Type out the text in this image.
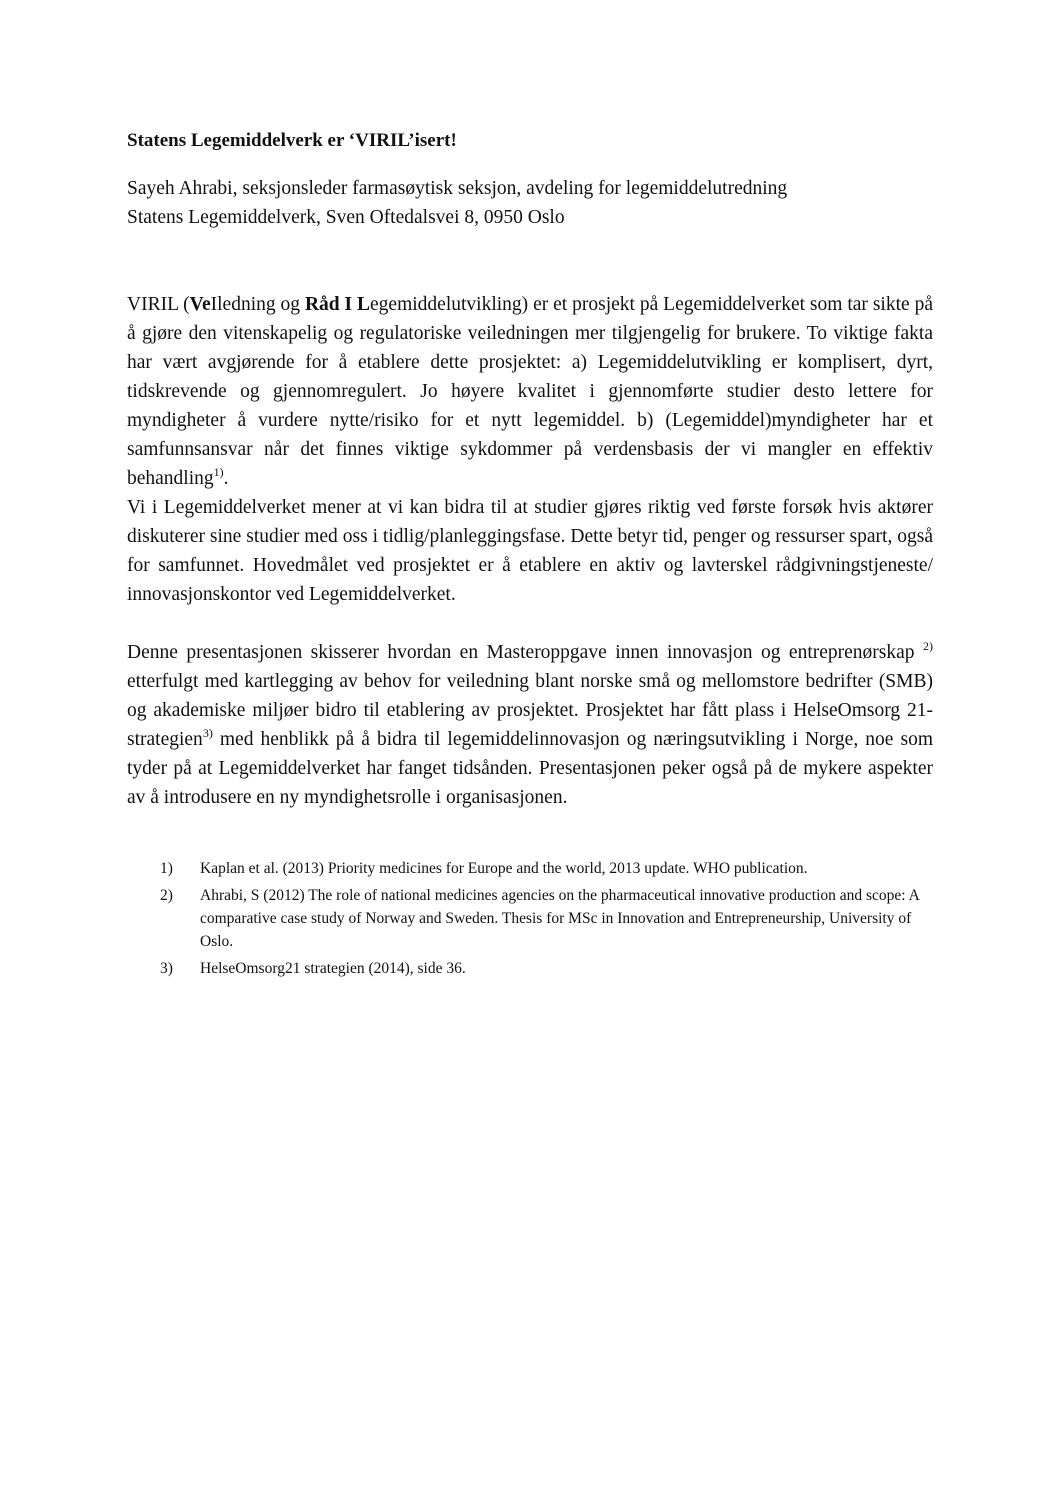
Statens Legemiddelverk er ‘VIRIL’isert!
Sayeh Ahrabi, seksjonsleder farmasøytisk seksjon, avdeling for legemiddelutredning
Statens Legemiddelverk, Sven Oftedalsvei 8, 0950 Oslo

VIRIL (VeIledning og Råd I Legemiddelutvikling) er et prosjekt på Legemiddelverket som tar sikte på å gjøre den vitenskapelig og regulatoriske veiledningen mer tilgjengelig for brukere. To viktige fakta har vært avgjørende for å etablere dette prosjektet: a) Legemiddelutvikling er komplisert, dyrt, tidskrevende og gjennomregulert. Jo høyere kvalitet i gjennomførte studier desto lettere for myndigheter å vurdere nytte/risiko for et nytt legemiddel. b) (Legemiddel)myndigheter har et samfunnsansvar når det finnes viktige sykdommer på verdensbasis der vi mangler en effektiv behandling$^{1)}$.

Vi i Legemiddelverket mener at vi kan bidra til at studier gjøres riktig ved første forsøk hvis aktører diskuterer sine studier med oss i tidlig/planleggingsfase. Dette betyr tid, penger og ressurser spart, også for samfunnet. Hovedmålet ved prosjektet er å etablere en aktiv og lavterskel rådgivningstjeneste/ innovasjonskontor ved Legemiddelverket.

Denne presentasjonen skisserer hvordan en Masteroppgave innen innovasjon og entreprenørskap $^{2)}$ etterfulgt med kartlegging av behov for veiledning blant norske små og mellomstore bedrifter (SMB) og akademiske miljøer bidro til etablering av prosjektet. Prosjektet har fått plass i HelseOmsorg 21-strategien$^{3)}$ med henblikk på å bidra til legemiddelinnovasjon og næringsutvikling i Norge, noe som tyder på at Legemiddelverket har fanget tidsånden. Presentasjonen peker også på de mykere aspekter av å introdusere en ny myndighetsrolle i organisasjonen.

1)	Kaplan et al. (2013) Priority medicines for Europe and the world, 2013 update. WHO publication.
2)	Ahrabi, S (2012) The role of national medicines agencies on the pharmaceutical innovative production and scope: A comparative case study of Norway and Sweden. Thesis for MSc in Innovation and Entrepreneurship, University of Oslo.
3)	HelseOmsorg21 strategien (2014), side 36.
